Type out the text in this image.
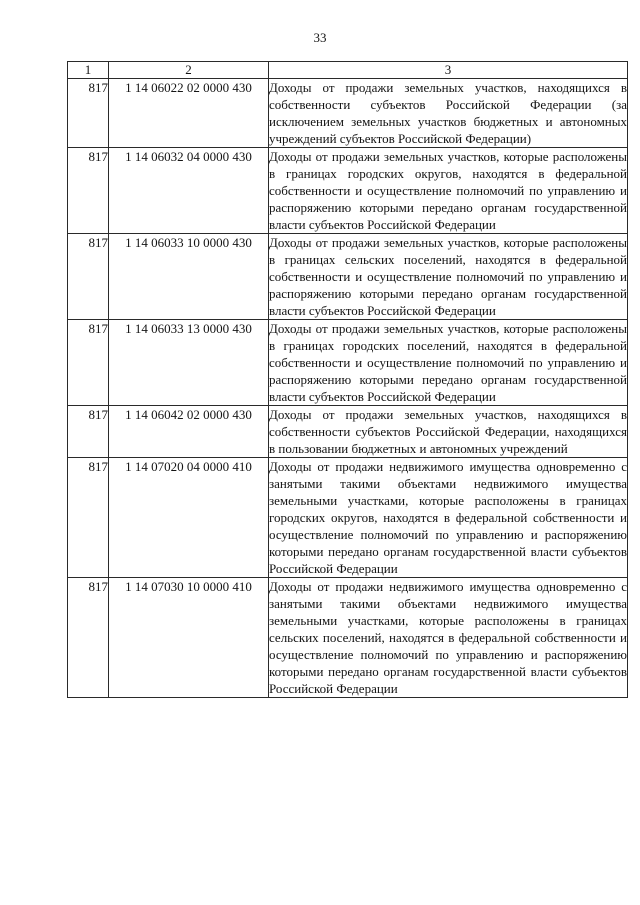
33
1	2	3
817	1 14 06022 02 0000 430	Доходы от продажи земельных участков, находящихся в собственности субъектов Российской Федерации (за исключением земельных участков бюджетных и автономных учреждений субъектов Российской Федерации)
817	1 14 06032 04 0000 430	Доходы от продажи земельных участков, которые расположены в границах городских округов, находятся в федеральной собственности и осуществление полномочий по управлению и распоряжению которыми передано органам государственной власти субъектов Российской Федерации
817	1 14 06033 10 0000 430	Доходы от продажи земельных участков, которые расположены в границах сельских поселений, находятся в федеральной собственности и осуществление полномочий по управлению и распоряжению которыми передано органам государственной власти субъектов Российской Федерации
817	1 14 06033 13 0000 430	Доходы от продажи земельных участков, которые расположены в границах городских поселений, находятся в федеральной собственности и осуществление полномочий по управлению и распоряжению которыми передано органам государственной власти субъектов Российской Федерации
817	1 14 06042 02 0000 430	Доходы от продажи земельных участков, находящихся в собственности субъектов Российской Федерации, находящихся в пользовании бюджетных и автономных учреждений
817	1 14 07020 04 0000 410	Доходы от продажи недвижимого имущества одновременно с занятыми такими объектами недвижимого имущества земельными участками, которые расположены в границах городских округов, находятся в федеральной собственности и осуществление полномочий по управлению и распоряжению которыми передано органам государственной власти субъектов Российской Федерации
817	1 14 07030 10 0000 410	Доходы от продажи недвижимого имущества одновременно с занятыми такими объектами недвижимого имущества земельными участками, которые расположены в границах сельских поселений, находятся в федеральной собственности и осуществление полномочий по управлению и распоряжению которыми передано органам государственной власти субъектов Российской Федерации
